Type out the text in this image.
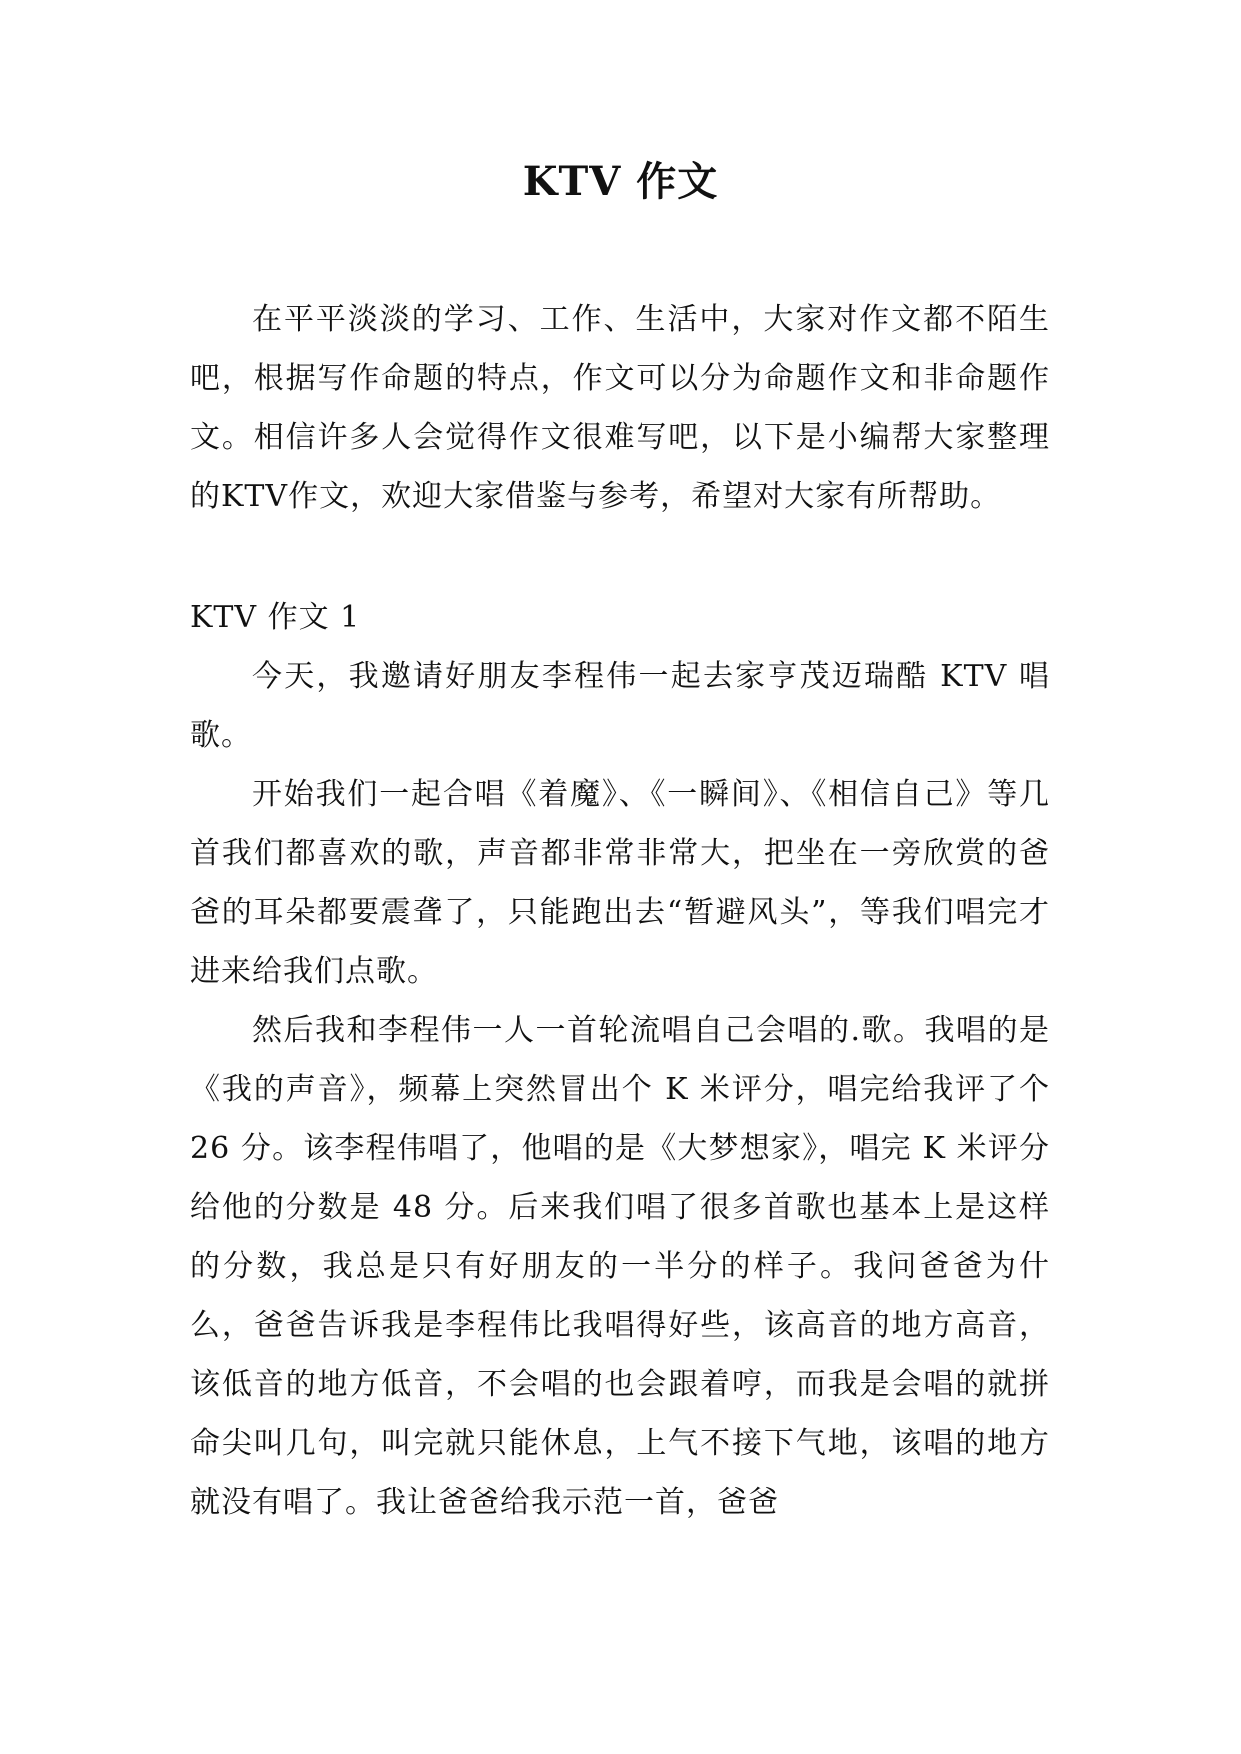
KTV 作文

在平平淡淡的学习、工作、生活中，大家对作文都不陌生吧，根据写作命题的特点，作文可以分为命题作文和非命题作文。相信许多人会觉得作文很难写吧，以下是小编帮大家整理的KTV作文，欢迎大家借鉴与参考，希望对大家有所帮助。

KTV 作文 1

今天，我邀请好朋友李程伟一起去家亨茂迈瑞酷 KTV 唱歌。

开始我们一起合唱《着魔》、《一瞬间》、《相信自己》等几首我们都喜欢的歌，声音都非常非常大，把坐在一旁欣赏的爸爸的耳朵都要震聋了，只能跑出去“暂避风头”，等我们唱完才进来给我们点歌。

然后我和李程伟一人一首轮流唱自己会唱的.歌。我唱的是《我的声音》，频幕上突然冒出个 K 米评分，唱完给我评了个 26 分。该李程伟唱了，他唱的是《大梦想家》，唱完 K 米评分给他的分数是 48 分。后来我们唱了很多首歌也基本上是这样的分数，我总是只有好朋友的一半分的样子。我问爸爸为什么，爸爸告诉我是李程伟比我唱得好些，该高音的地方高音，该低音的地方低音，不会唱的也会跟着哼，而我是会唱的就拼命尖叫几句，叫完就只能休息，上气不接下气地，该唱的地方就没有唱了。我让爸爸给我示范一首，爸爸
